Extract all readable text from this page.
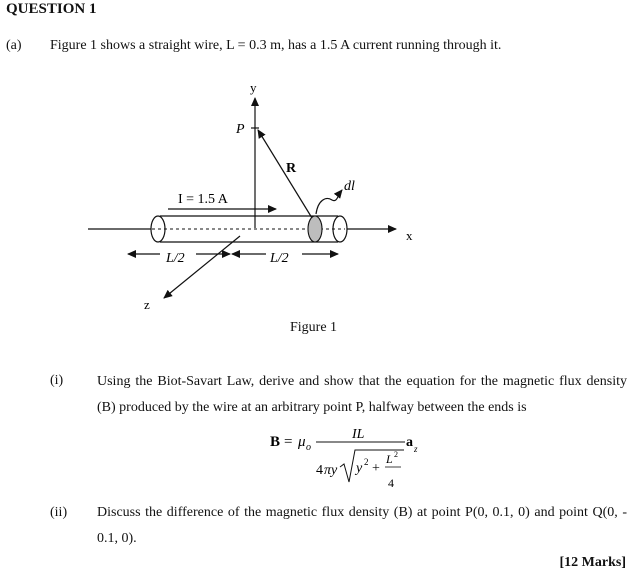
QUESTION 1
(a) Figure 1 shows a straight wire, L = 0.3 m, has a 1.5 A current running through it.
y
x
z
P
R
dl
I = 1.5 A
L/2	L/2
Figure 1
(i) Using the Biot-Savart Law, derive and show that the equation for the magnetic flux density (B) produced by the wire at an arbitrary point P, halfway between the ends is
B = μ o
IL
4 πy y 2 +
L 2
4
a z
(ii) Discuss the difference of the magnetic flux density (B) at point P(0, 0.1, 0) and point Q(0, - 0.1, 0).
[12 Marks]
